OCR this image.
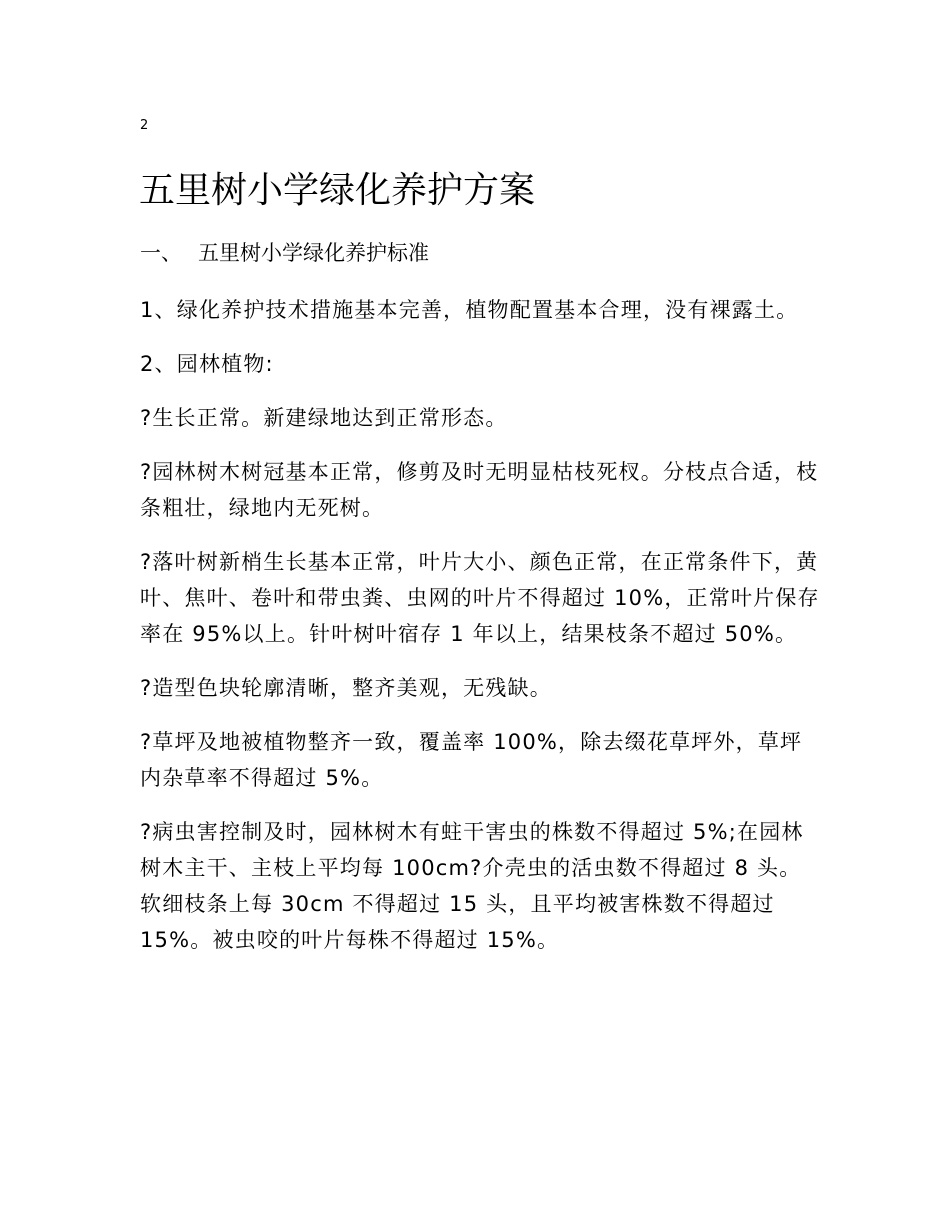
2
五里树小学绿化养护方案
一、 五里树小学绿化养护标准

1、绿化养护技术措施基本完善，植物配置基本合理，没有裸露土。

2、园林植物:

?生长正常。新建绿地达到正常形态。

?园林树木树冠基本正常，修剪及时无明显枯枝死杈。分枝点合适，枝条粗壮，绿地内无死树。

?落叶树新梢生长基本正常，叶片大小、颜色正常，在正常条件下，黄叶、焦叶、卷叶和带虫粪、虫网的叶片不得超过 10%，正常叶片保存率在 95%以上。针叶树叶宿存 1 年以上，结果枝条不超过 50%。

?造型色块轮廓清晰，整齐美观，无残缺。

?草坪及地被植物整齐一致，覆盖率 100%，除去缀花草坪外，草坪内杂草率不得超过 5%。

?病虫害控制及时，园林树木有蛀干害虫的株数不得超过 5%;在园林树木主干、主枝上平均每 100cm?介壳虫的活虫数不得超过 8 头。软细枝条上每 30cm 不得超过 15 头，且平均被害株数不得超过 15%。被虫咬的叶片每株不得超过 15%。
